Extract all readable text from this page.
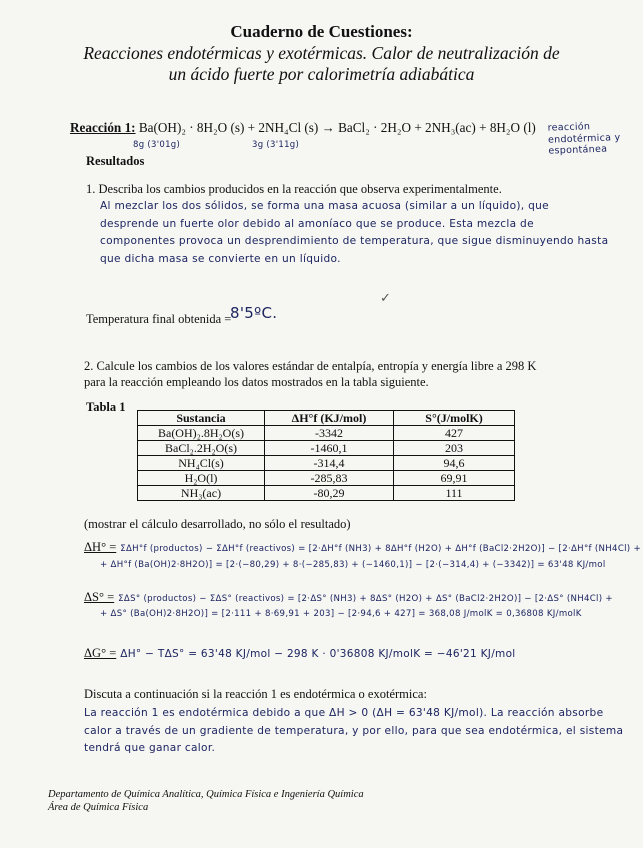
Cuaderno de Cuestiones:
Reacciones endotérmicas y exotérmicas. Calor de neutralización de
un ácido fuerte por calorimetría adiabática
Reacción 1: Ba(OH)₂ · 8H₂O (s) + 2NH₄Cl (s) → BaCl₂ · 2H₂O + 2NH₃(ac) + 8H₂O (l) reacción endotérmica y espontánea
8g (3'01g)	3g (3'11g)
Resultados
1. Describa los cambios producidos en la reacción que observa experimentalmente.
Al mezclar los dos sólidos, se forma una masa acuosa (similar a un líquido), que desprende un fuerte olor debido al amoníaco que se produce. Esta mezcla de componentes provoca un desprendimiento de temperatura, que sigue disminuyendo hasta que dicha masa se convierte en un líquido.
✓
Temperatura final obtenida =
8'5ºC.
2. Calcule los cambios de los valores estándar de entalpía, entropía y energía libre a 298 K
para la reacción empleando los datos mostrados en la tabla siguiente.
Tabla 1
Sustancia	ΔH°f (KJ/mol)	S°(J/molK)
Ba(OH)₂.8H₂O(s)	-3342	427
BaCl₂.2H₂O(s)	-1460,1	203
NH₄Cl(s)	-314,4	94,6
H₂O(l)	-285,83	69,91
NH₃(ac)	-80,29	111
(mostrar el cálculo desarrollado, no sólo el resultado)
ΔH° = ΣΔH°f (productos) − ΣΔH°f (reactivos) = [2·ΔH°f (NH3) + 8ΔH°f (H2O) + ΔH°f (BaCl2·2H2O)] − [2·ΔH°f (NH4Cl) +
+ ΔH°f (Ba(OH)2·8H2O)] = [2·(−80,29) + 8·(−285,83) + (−1460,1)] − [2·(−314,4) + (−3342)] = 63'48 KJ/mol
ΔS° = ΣΔS° (productos) − ΣΔS° (reactivos) = [2·ΔS° (NH3) + 8ΔS° (H2O) + ΔS° (BaCl2·2H2O)] − [2·ΔS° (NH4Cl) +
+ ΔS° (Ba(OH)2·8H2O)] = [2·111 + 8·69,91 + 203] − [2·94,6 + 427] = 368,08 J/molK = 0,36808 KJ/molK
ΔG° = ΔH° − TΔS° = 63'48 KJ/mol − 298 K · 0'36808 KJ/molK = −46'21 KJ/mol
Discuta a continuación si la reacción 1 es endotérmica o exotérmica:
La reacción 1 es endotérmica debido a que ΔH > 0 (ΔH = 63'48 KJ/mol). La reacción absorbe calor a través de un gradiente de temperatura, y por ello, para que sea endotérmica, el sistema tendrá que ganar calor.
Departamento de Química Analítica, Química Física e Ingeniería Química
Área de Química Física
